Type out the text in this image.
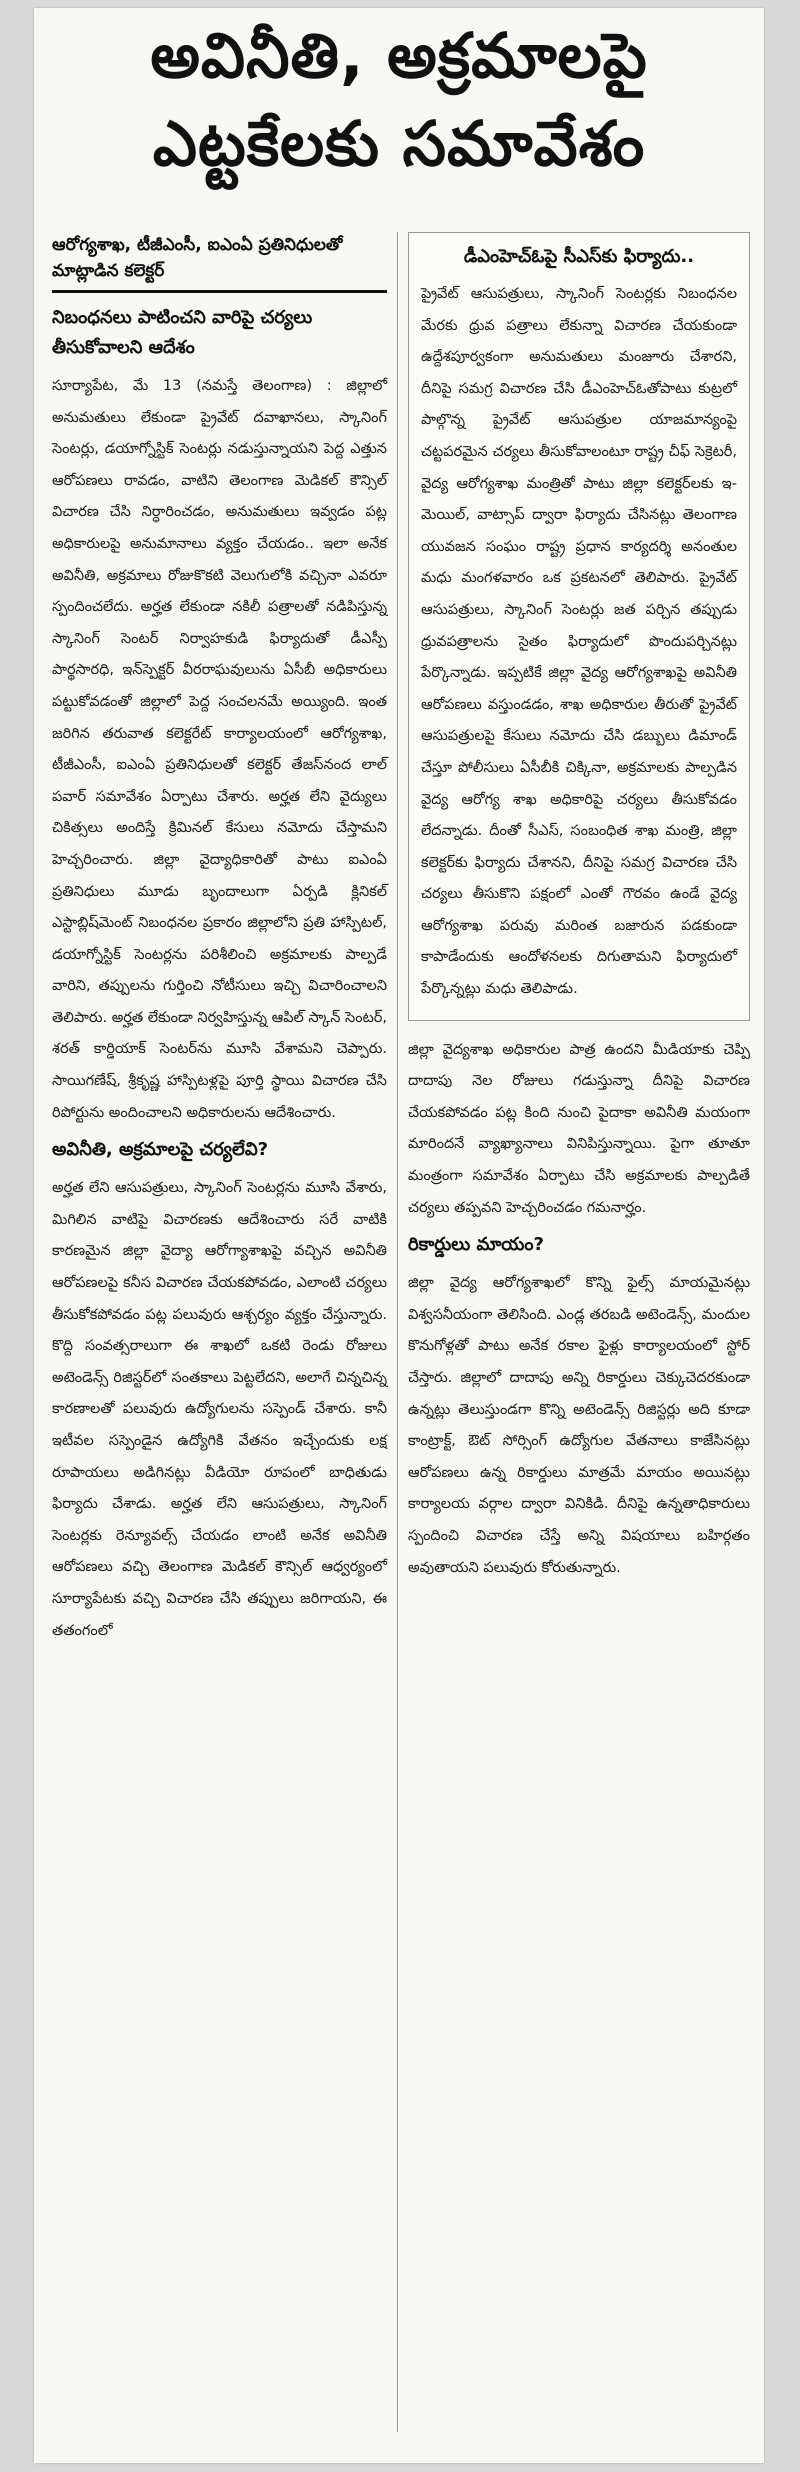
అవినీతి, అక్రమాలపై
ఎట్టకేలకు సమావేశం
ఆరోగ్యశాఖ, టీజీఎంసీ, ఐఎంఏ ప్రతినిధులతో మాట్లాడిన కలెక్టర్
నిబంధనలు పాటించని వారిపై చర్యలు తీసుకోవాలని ఆదేశం
సూర్యాపేట, మే 13 (నమస్తే తెలంగాణ) : జిల్లాలో అనుమతులు లేకుండా ప్రైవేట్ దవాఖానలు, స్కానింగ్ సెంటర్లు, డయాగ్నోస్టిక్ సెంటర్లు నడుస్తున్నాయని పెద్ద ఎత్తున ఆరోపణలు రావడం, వాటిని తెలంగాణ మెడికల్ కౌన్సిల్ విచారణ చేసి నిర్ధారించడం, అనుమతులు ఇవ్వడం పట్ల అధికారులపై అనుమానాలు వ్యక్తం చేయడం.. ఇలా అనేక అవినీతి, అక్రమాలు రోజుకొకటి వెలుగులోకి వచ్చినా ఎవరూ స్పందించలేదు. అర్హత లేకుండా నకిలీ పత్రాలతో నడిపిస్తున్న స్కానింగ్ సెంటర్ నిర్వాహకుడి ఫిర్యాదుతో డీఎస్పీ పార్థసారధి, ఇన్‌స్పెక్టర్ వీరరాఘవులును ఏసీబీ అధికారులు పట్టుకోవడంతో జిల్లాలో పెద్ద సంచలనమే అయ్యింది. ఇంత జరిగిన తరువాత కలెక్టరేట్ కార్యాలయంలో ఆరోగ్యశాఖ, టీజీఎంసీ, ఐఎంఏ ప్రతినిధులతో కలెక్టర్ తేజస్‌నంద లాల్ పవార్ సమావేశం ఏర్పాటు చేశారు. అర్హత లేని వైద్యులు చికిత్సలు అందిస్తే క్రిమినల్ కేసులు నమోదు చేస్తామని హెచ్చరించారు. జిల్లా వైద్యాధికారితో పాటు ఐఎంఏ ప్రతినిధులు మూడు బృందాలుగా ఏర్పడి క్లినికల్ ఎస్టాబ్లిష్‌మెంట్ నిబంధనల ప్రకారం జిల్లాలోని ప్రతి హాస్పిటల్, డయాగ్నోస్టిక్ సెంటర్లను పరిశీలించి అక్రమాలకు పాల్పడే వారిని, తప్పులను గుర్తించి నోటీసులు ఇచ్చి విచారించాలని తెలిపారు. అర్హత లేకుండా నిర్వహిస్తున్న ఆపిల్ స్కాన్ సెంటర్, శరత్ కార్డియాక్ సెంటర్‌ను మూసి వేశామని చెప్పారు. సాయిగణేష్, శ్రీకృష్ణ హాస్పిటళ్లపై పూర్తి స్థాయి విచారణ చేసి రిపోర్టును అందించాలని అధికారులను ఆదేశించారు.
అవినీతి, అక్రమాలపై చర్యలేవి?
అర్హత లేని ఆసుపత్రులు, స్కానింగ్ సెంటర్లను మూసి వేశారు, మిగిలిన వాటిపై విచారణకు ఆదేశించారు సరే వాటికి కారణమైన జిల్లా వైద్యా ఆరోగ్యాశాఖపై వచ్చిన అవినీతి ఆరోపణలపై కనీస విచారణ చేయకపోవడం, ఎలాంటి చర్యలు తీసుకోకపోవడం పట్ల పలువురు ఆశ్చర్యం వ్యక్తం చేస్తున్నారు. కొద్ది సంవత్సరాలుగా ఈ శాఖలో ఒకటి రెండు రోజులు అటెండెన్స్ రిజిస్టర్‌లో సంతకాలు పెట్టలేదని, అలాగే చిన్నచిన్న కారణాలతో పలువురు ఉద్యోగులను సస్పెండ్ చేశారు. కానీ ఇటీవల సస్పెండైన ఉద్యోగికి వేతనం ఇచ్చేందుకు లక్ష రూపాయలు అడిగినట్లు వీడియో రూపంలో బాధితుడు ఫిర్యాదు చేశాడు. అర్హత లేని ఆసుపత్రులు, స్కానింగ్ సెంటర్లకు రెన్యూవల్స్ చేయడం లాంటి అనేక అవినీతి ఆరోపణలు వచ్చి తెలంగాణ మెడికల్ కౌన్సిల్ ఆధ్వర్యంలో సూర్యాపేటకు వచ్చి విచారణ చేసి తప్పులు జరిగాయని, ఈ తతంగంలో
డీఎంహెచ్ఓపై సీఎస్‌కు ఫిర్యాదు..
ప్రైవేట్ ఆసుపత్రులు, స్కానింగ్ సెంటర్లకు నిబంధనల మేరకు ధ్రువ పత్రాలు లేకున్నా విచారణ చేయకుండా ఉద్దేశపూర్వకంగా అనుమతులు మంజూరు చేశారని, దీనిపై సమగ్ర విచారణ చేసి డీఎంహెచ్ఓతోపాటు కుట్రలో పాల్గొన్న ప్రైవేట్ ఆసుపత్రుల యాజమాన్యంపై చట్టపరమైన చర్యలు తీసుకోవాలంటూ రాష్ట్ర చీఫ్ సెక్రెటరీ, వైద్య ఆరోగ్యశాఖ మంత్రితో పాటు జిల్లా కలెక్టర్‌లకు ఇ-మెయిల్, వాట్సాప్ ద్వారా ఫిర్యాదు చేసినట్లు తెలంగాణ యువజన సంఘం రాష్ట్ర ప్రధాన కార్యదర్శి అనంతుల మధు మంగళవారం ఒక ప్రకటనలో తెలిపారు. ప్రైవేట్ ఆసుపత్రులు, స్కానింగ్ సెంటర్లు జత పర్చిన తప్పుడు ధ్రువపత్రాలను సైతం ఫిర్యాదులో పొందుపర్చినట్లు పేర్కొన్నాడు. ఇప్పటికే జిల్లా వైద్య ఆరోగ్యశాఖపై అవినీతి ఆరోపణలు వస్తుండడం, శాఖ అధికారుల తీరుతో ప్రైవేట్ ఆసుపత్రులపై కేసులు నమోదు చేసి డబ్బులు డిమాండ్ చేస్తూ పోలీసులు ఏసీబీకి చిక్కినా, అక్రమాలకు పాల్పడిన వైద్య ఆరోగ్య శాఖ అధికారిపై చర్యలు తీసుకోవడం లేదన్నాడు. దీంతో సీఎస్, సంబంధిత శాఖ మంత్రి, జిల్లా కలెక్టర్‌కు ఫిర్యాదు చేశానని, దీనిపై సమగ్ర విచారణ చేసి చర్యలు తీసుకొని పక్షంలో ఎంతో గౌరవం ఉండే వైద్య ఆరోగ్యశాఖ పరువు మరింత బజారున పడకుండా కాపాడేందుకు ఆందోళనలకు దిగుతామని ఫిర్యాదులో పేర్కొన్నట్లు మధు తెలిపాడు.
జిల్లా వైద్యశాఖ అధికారుల పాత్ర ఉందని మీడియాకు చెప్పి దాదాపు నెల రోజులు గడుస్తున్నా దీనిపై విచారణ చేయకపోవడం పట్ల కింది నుంచి పైదాకా అవినీతి మయంగా మారిందనే వ్యాఖ్యానాలు వినిపిస్తున్నాయి. పైగా తూతూ మంత్రంగా సమావేశం ఏర్పాటు చేసి అక్రమాలకు పాల్పడితే చర్యలు తప్పవని హెచ్చరించడం గమనార్హం.
రికార్డులు మాయం?
జిల్లా వైద్య ఆరోగ్యశాఖలో కొన్ని ఫైల్స్ మాయమైనట్లు విశ్వసనీయంగా తెలిసింది. ఎండ్ల తరబడి అటెండెన్స్, మందుల కొనుగోళ్లతో పాటు అనేక రకాల ఫైళ్లు కార్యాలయంలో స్టోర్ చేస్తారు. జిల్లాలో దాదాపు అన్ని రికార్డులు చెక్కుచెదరకుండా ఉన్నట్లు తెలుస్తుండగా కొన్ని అటెండెన్స్ రిజిస్టర్లు అది కూడా కాంట్రాక్ట్, ఔట్ సోర్సింగ్ ఉద్యోగుల వేతనాలు కాజేసినట్లు ఆరోపణలు ఉన్న రికార్డులు మాత్రమే మాయం అయినట్లు కార్యాలయ వర్గాల ద్వారా వినికిడి. దీనిపై ఉన్నతాధికారులు స్పందించి విచారణ చేస్తే అన్ని విషయాలు బహిర్గతం అవుతాయని పలువురు కోరుతున్నారు.
